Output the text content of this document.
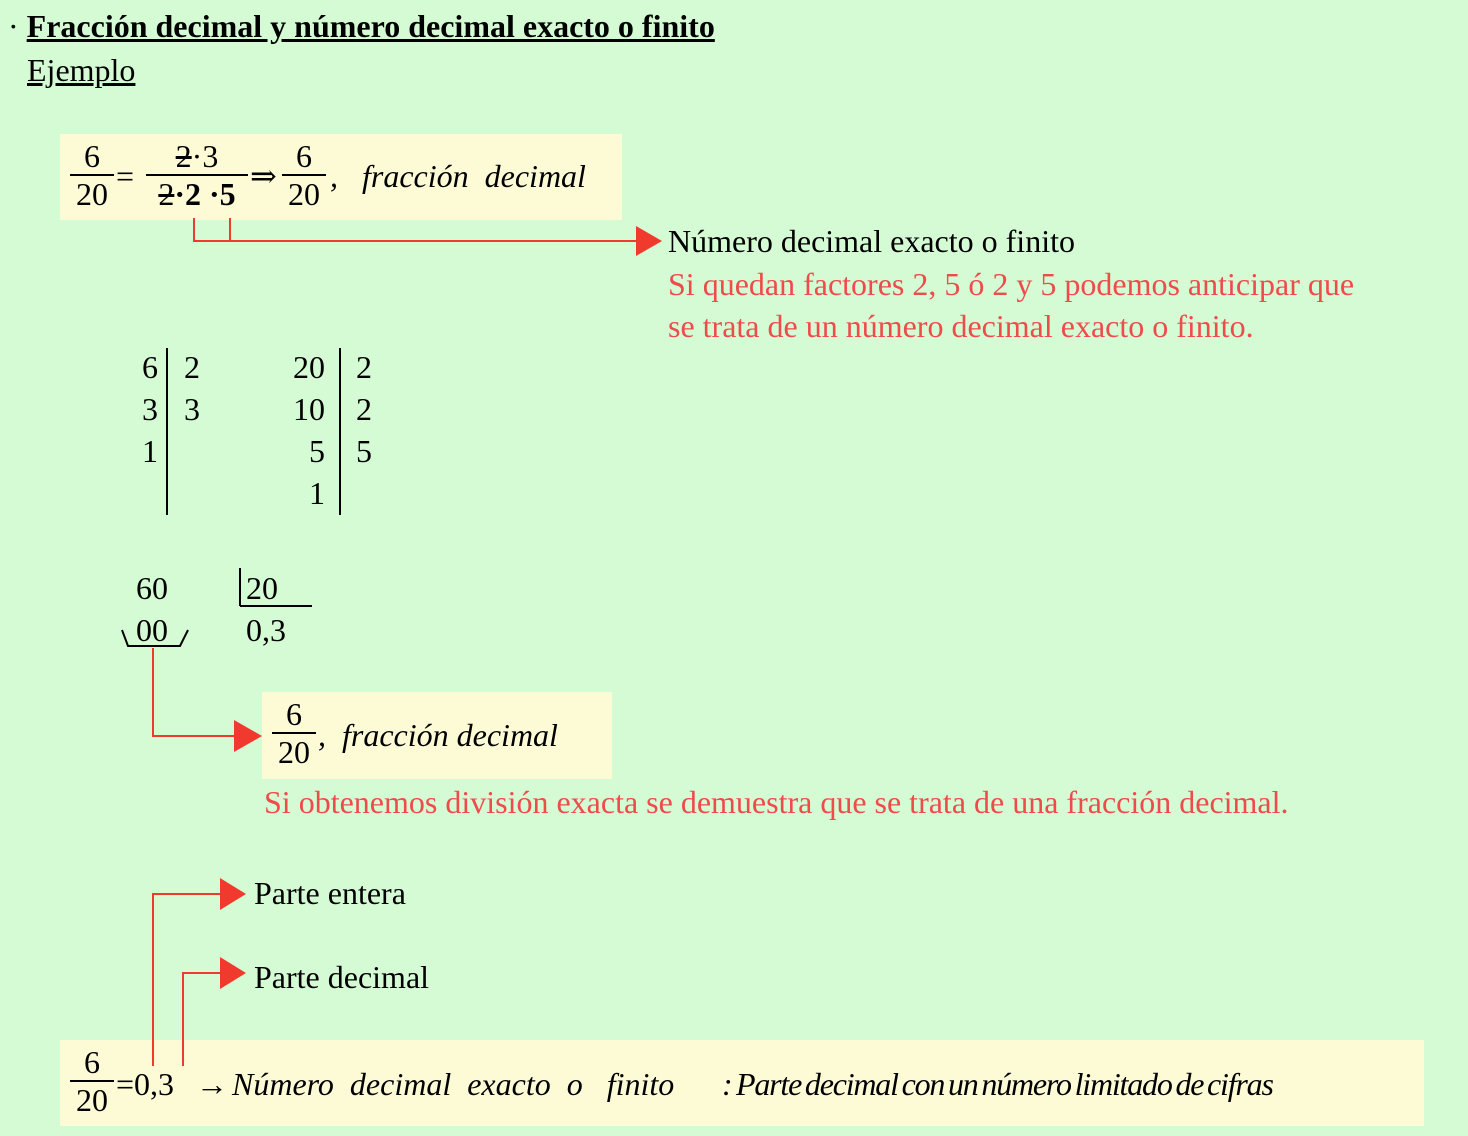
· Fracción decimal y número decimal exacto o finito
Ejemplo
6
20 =
2·3
2·2 ·5 ⇒
6
20 , fracción  decimal
Número decimal exacto o finito
Si quedan factores 2, 5 ó 2 y 5 podemos anticipar que
se trata de un número decimal exacto o finito.
6
3
1
2
3
20
10
5
1
2
2
5
60 20
00 0,3
6
20 ,  fracción decimal
Si obtenemos división exacta se demuestra que se trata de una fracción decimal.
Parte entera
Parte decimal
6
20 =0,3 → Número  decimal  exacto  o   finito : Parte decimal con un número limitado de cifras
